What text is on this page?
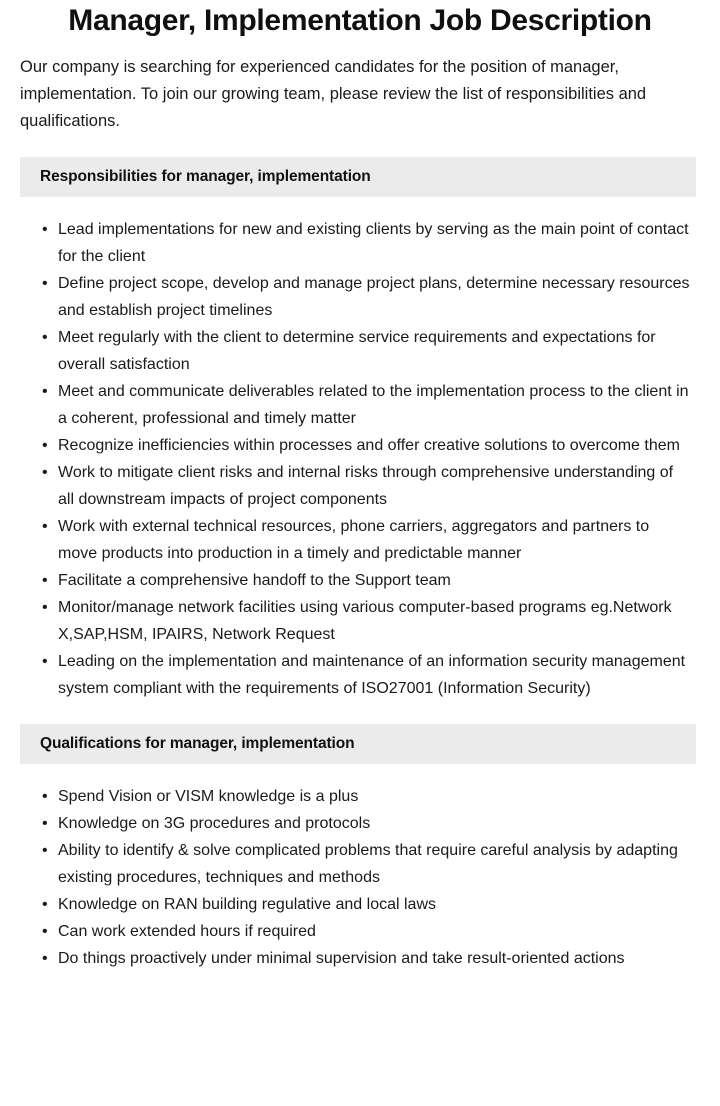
Manager, Implementation Job Description

Our company is searching for experienced candidates for the position of manager, implementation. To join our growing team, please review the list of responsibilities and qualifications.

Responsibilities for manager, implementation
• Lead implementations for new and existing clients by serving as the main point of contact for the client
• Define project scope, develop and manage project plans, determine necessary resources and establish project timelines
• Meet regularly with the client to determine service requirements and expectations for overall satisfaction
• Meet and communicate deliverables related to the implementation process to the client in a coherent, professional and timely matter
• Recognize inefficiencies within processes and offer creative solutions to overcome them
• Work to mitigate client risks and internal risks through comprehensive understanding of all downstream impacts of project components
• Work with external technical resources, phone carriers, aggregators and partners to move products into production in a timely and predictable manner
• Facilitate a comprehensive handoff to the Support team
• Monitor/manage network facilities using various computer-based programs eg.Network X,SAP,HSM, IPAIRS, Network Request
• Leading on the implementation and maintenance of an information security management system compliant with the requirements of ISO27001 (Information Security)
Qualifications for manager, implementation
• Spend Vision or VISM knowledge is a plus
• Knowledge on 3G procedures and protocols
• Ability to identify & solve complicated problems that require careful analysis by adapting existing procedures, techniques and methods
• Knowledge on RAN building regulative and local laws
• Can work extended hours if required
• Do things proactively under minimal supervision and take result-oriented actions
